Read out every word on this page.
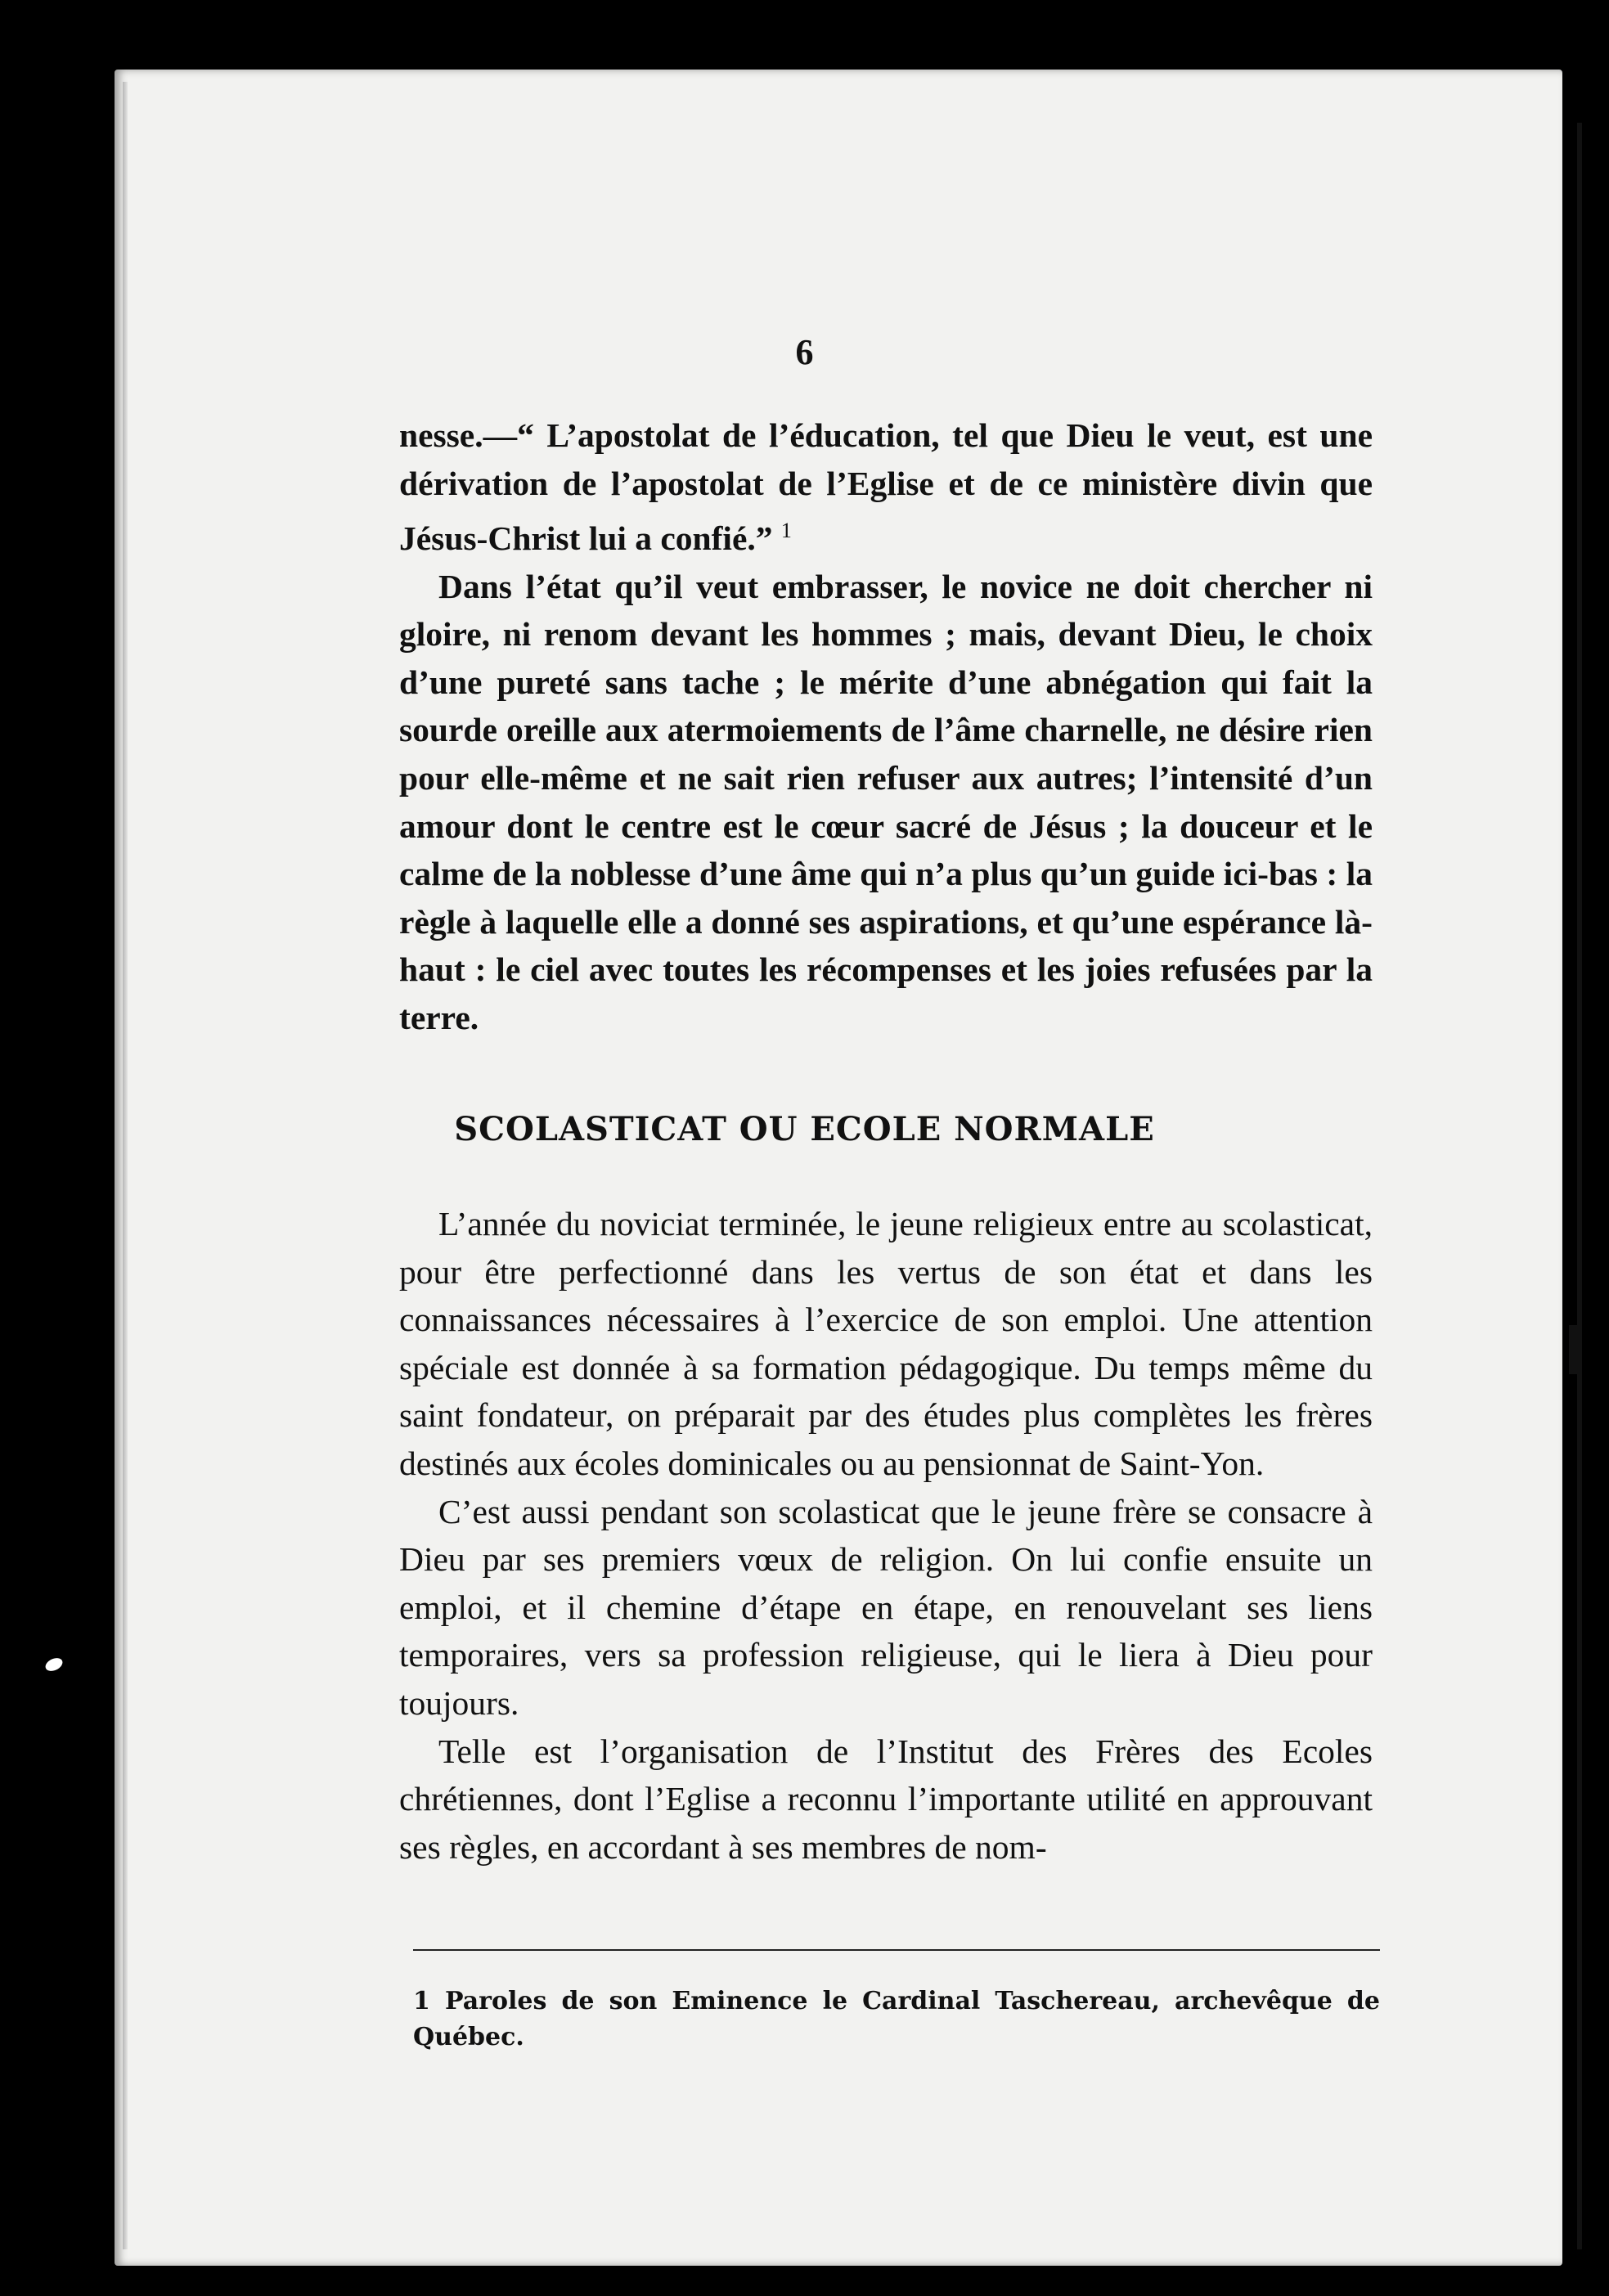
6

nesse.—“ L’apostolat de l’éducation, tel que Dieu le veut, est une dérivation de l’apostolat de l’Eglise et de ce ministère divin que Jésus-Christ lui a confié.” $^1$

Dans l’état qu’il veut embrasser, le novice ne doit chercher ni gloire, ni renom devant les hommes ; mais, devant Dieu, le choix d’une pureté sans tache ; le mérite d’une abnégation qui fait la sourde oreille aux atermoiements de l’âme charnelle, ne désire rien pour elle-même et ne sait rien refuser aux autres; l’intensité d’un amour dont le centre est le cœur sacré de Jésus ; la douceur et le calme de la noblesse d’une âme qui n’a plus qu’un guide ici-bas : la règle à laquelle elle a donné ses aspirations, et qu’une espérance là-haut : le ciel avec toutes les récompenses et les joies refusées par la terre.

SCOLASTICAT OU ECOLE NORMALE

L’année du noviciat terminée, le jeune religieux entre au scolasticat, pour être perfectionné dans les vertus de son état et dans les connaissances nécessaires à l’exercice de son emploi. Une attention spéciale est donnée à sa formation pédagogique. Du temps même du saint fondateur, on préparait par des études plus complètes les frères destinés aux écoles dominicales ou au pensionnat de Saint-Yon.

C’est aussi pendant son scolasticat que le jeune frère se consacre à Dieu par ses premiers vœux de religion. On lui confie ensuite un emploi, et il chemine d’étape en étape, en renouvelant ses liens temporaires, vers sa profession religieuse, qui le liera à Dieu pour toujours.

Telle est l’organisation de l’Institut des Frères des Ecoles chrétiennes, dont l’Eglise a reconnu l’importante utilité en approuvant ses règles, en accordant à ses membres de nom-

1 Paroles de son Eminence le Cardinal Taschereau, archevêque de Québec.
